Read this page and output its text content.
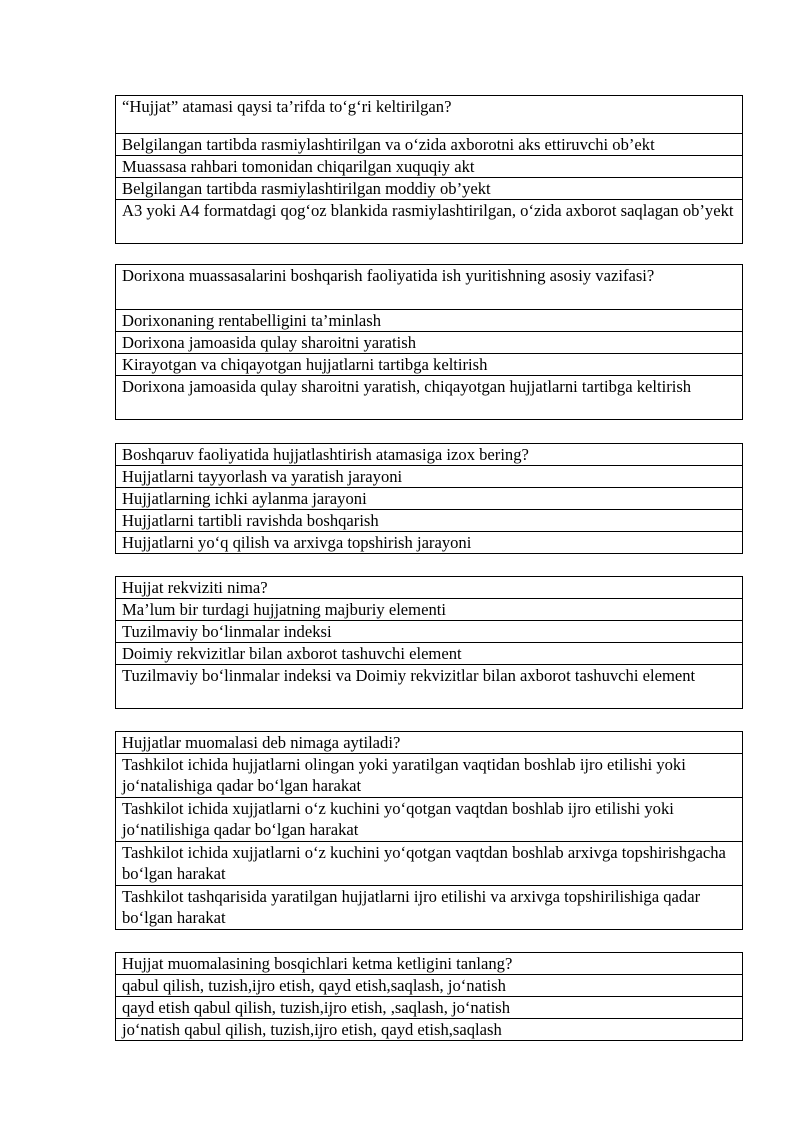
“Hujjat” atamasi qaysi ta’rifda to‘g‘ri keltirilgan?
Belgilangan tartibda rasmiylashtirilgan va o‘zida axborotni aks ettiruvchi ob’ekt
Muassasa rahbari tomonidan chiqarilgan xuquqiy akt
Belgilangan tartibda rasmiylashtirilgan moddiy ob’yekt
A3 yoki A4 formatdagi qog‘oz blankida rasmiylashtirilgan, o‘zida axborot saqlagan ob’yekt
Dorixona muassasalarini boshqarish faoliyatida ish yuritishning asosiy vazifasi?
Dorixonaning rentabelligini ta’minlash
Dorixona jamoasida qulay sharoitni yaratish
Kirayotgan va chiqayotgan hujjatlarni tartibga keltirish
Dorixona jamoasida qulay sharoitni yaratish, chiqayotgan hujjatlarni tartibga keltirish
Boshqaruv faoliyatida hujjatlashtirish atamasiga izox bering?
Hujjatlarni tayyorlash va yaratish jarayoni
Hujjatlarning ichki aylanma jarayoni
Hujjatlarni tartibli ravishda boshqarish
Hujjatlarni yo‘q qilish va arxivga topshirish jarayoni
Hujjat rekviziti nima?
Ma’lum bir turdagi hujjatning majburiy elementi
Tuzilmaviy bo‘linmalar indeksi
Doimiy rekvizitlar bilan axborot tashuvchi element
Tuzilmaviy bo‘linmalar indeksi va Doimiy rekvizitlar bilan axborot tashuvchi element
Hujjatlar muomalasi deb nimaga aytiladi?
Tashkilot ichida hujjatlarni olingan yoki yaratilgan vaqtidan boshlab ijro etilishi yoki jo‘natalishiga qadar bo‘lgan harakat
Tashkilot ichida xujjatlarni o‘z kuchini yo‘qotgan vaqtdan boshlab ijro etilishi yoki jo‘natilishiga qadar bo‘lgan harakat
Tashkilot ichida xujjatlarni o‘z kuchini yo‘qotgan vaqtdan boshlab arxivga topshirishgacha bo‘lgan harakat
Tashkilot tashqarisida yaratilgan hujjatlarni ijro etilishi va arxivga topshirilishiga qadar bo‘lgan harakat
Hujjat muomalasining bosqichlari ketma ketligini tanlang?
qabul qilish, tuzish,ijro etish, qayd etish,saqlash, jo‘natish
qayd etish qabul qilish, tuzish,ijro etish, ,saqlash, jo‘natish
jo‘natish qabul qilish, tuzish,ijro etish, qayd etish,saqlash
